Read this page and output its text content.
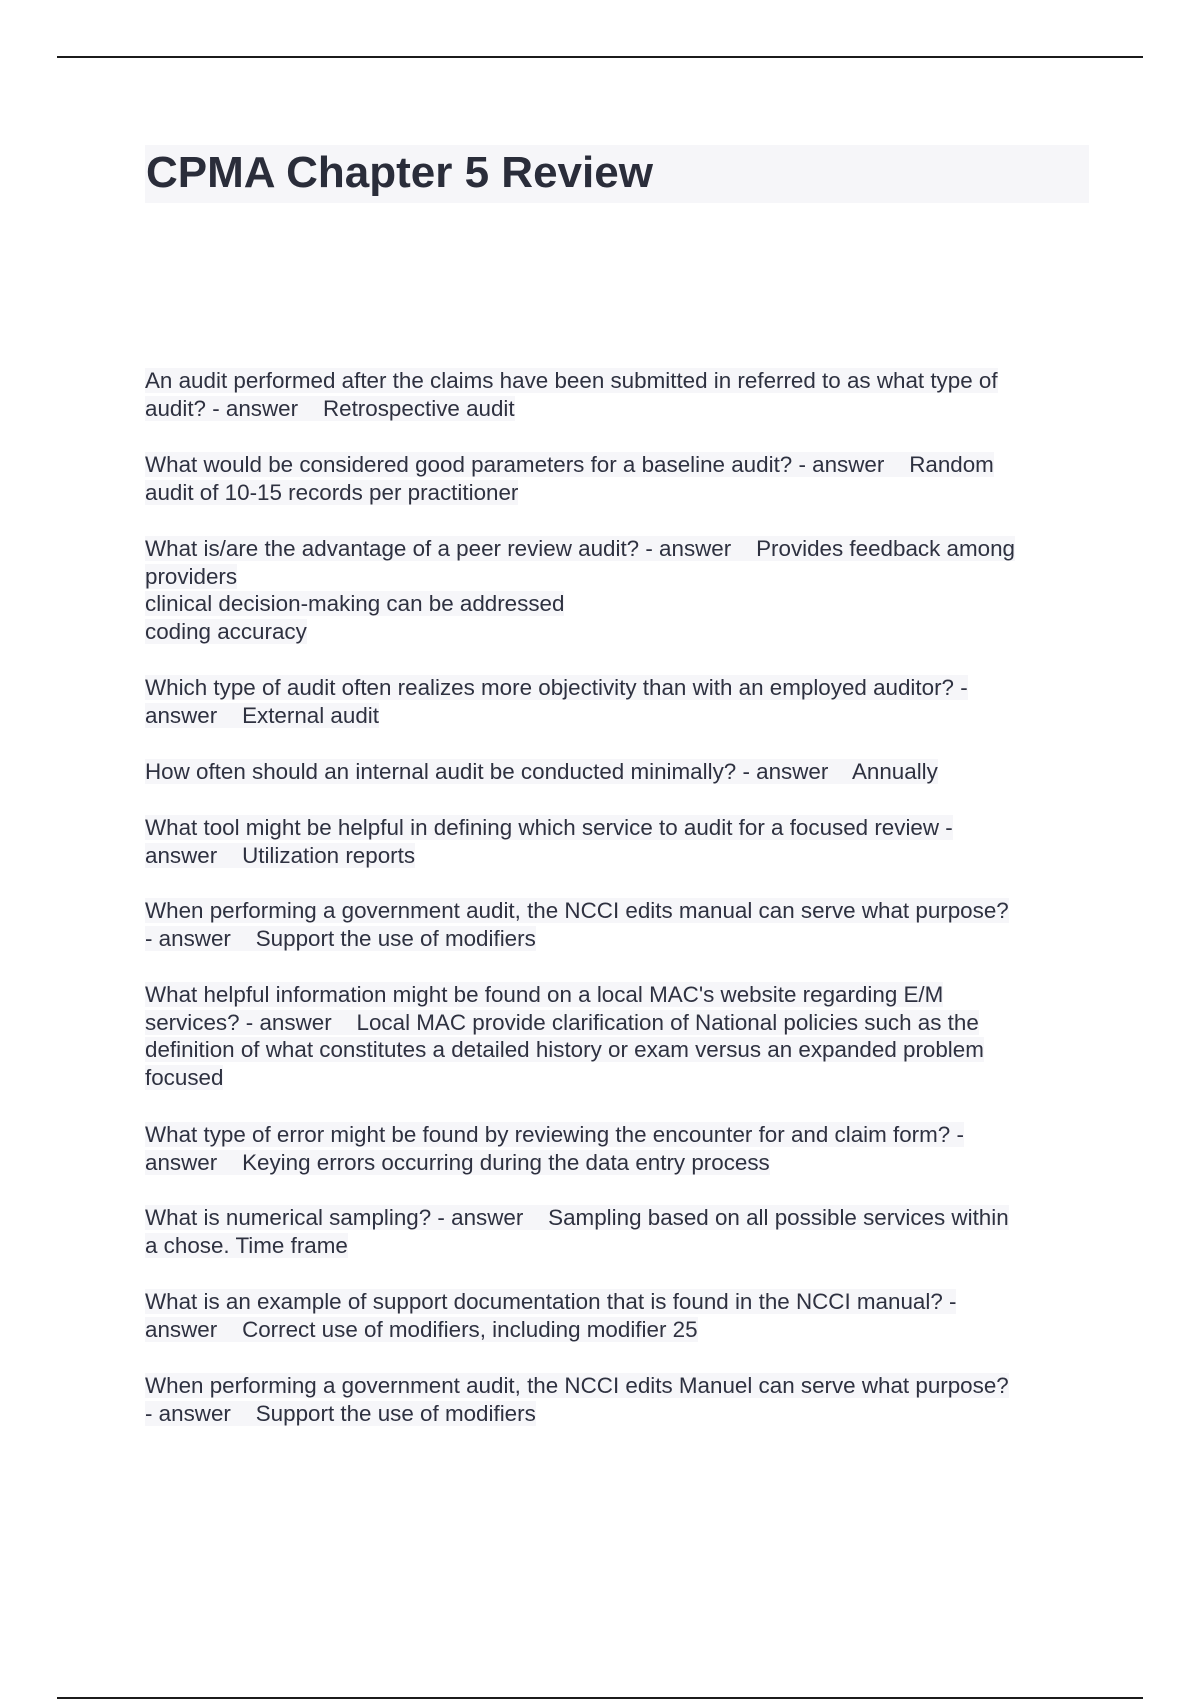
CPMA Chapter 5 Review
An audit performed after the claims have been submitted in referred to as what type of
audit? - answer    Retrospective audit
What would be considered good parameters for a baseline audit? - answer    Random
audit of 10-15 records per practitioner
What is/are the advantage of a peer review audit? - answer    Provides feedback among
providers
clinical decision-making can be addressed
coding accuracy
Which type of audit often realizes more objectivity than with an employed auditor? -
answer    External audit
How often should an internal audit be conducted minimally? - answer    Annually
What tool might be helpful in defining which service to audit for a focused review -
answer    Utilization reports
When performing a government audit, the NCCI edits manual can serve what purpose?
- answer    Support the use of modifiers
What helpful information might be found on a local MAC's website regarding E/M
services? - answer    Local MAC provide clarification of National policies such as the
definition of what constitutes a detailed history or exam versus an expanded problem
focused
What type of error might be found by reviewing the encounter for and claim form? -
answer    Keying errors occurring during the data entry process
What is numerical sampling? - answer    Sampling based on all possible services within
a chose. Time frame
What is an example of support documentation that is found in the NCCI manual? -
answer    Correct use of modifiers, including modifier 25
When performing a government audit, the NCCI edits Manuel can serve what purpose?
- answer    Support the use of modifiers
